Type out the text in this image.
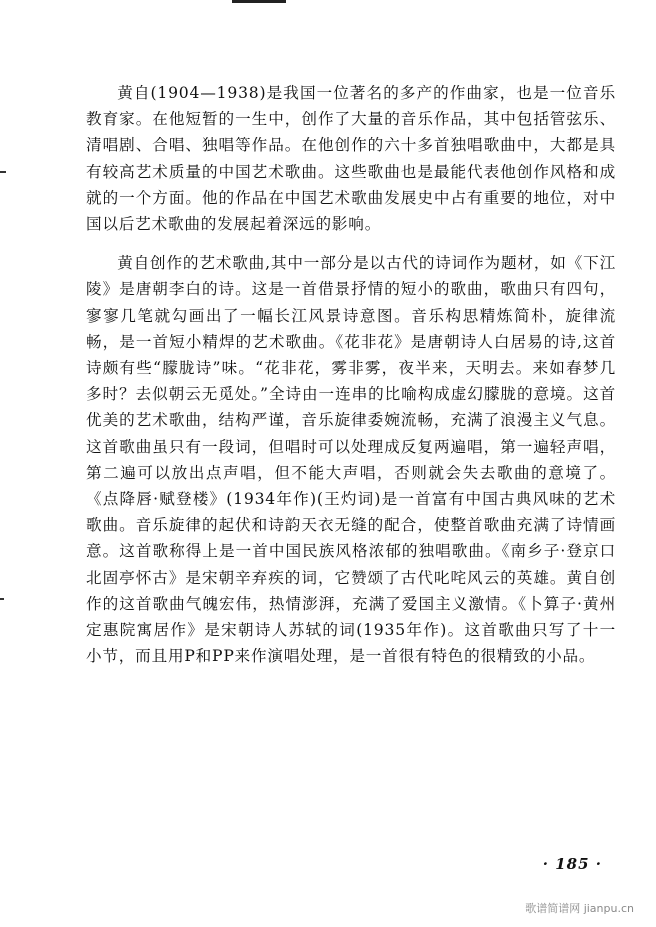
黄自(1904—1938)是我国一位著名的多产的作曲家，也是一位音乐教育家。在他短暂的一生中，创作了大量的音乐作品，其中包括管弦乐、清唱剧、合唱、独唱等作品。在他创作的六十多首独唱歌曲中，大都是具有较高艺术质量的中国艺术歌曲。这些歌曲也是最能代表他创作风格和成就的一个方面。他的作品在中国艺术歌曲发展史中占有重要的地位，对中国以后艺术歌曲的发展起着深远的影响。

黄自创作的艺术歌曲,其中一部分是以古代的诗词作为题材，如《下江陵》是唐朝李白的诗。这是一首借景抒情的短小的歌曲，歌曲只有四句，寥寥几笔就勾画出了一幅长江风景诗意图。音乐构思精炼简朴，旋律流畅，是一首短小精焊的艺术歌曲。《花非花》是唐朝诗人白居易的诗,这首诗颇有些“朦胧诗”味。“花非花，雾非雾，夜半来，天明去。来如春梦几多时？去似朝云无觅处。”全诗由一连串的比喻构成虚幻朦胧的意境。这首优美的艺术歌曲，结构严谨，音乐旋律委婉流畅，充满了浪漫主义气息。这首歌曲虽只有一段词，但唱时可以处理成反复两遍唱，第一遍轻声唱，第二遍可以放出点声唱，但不能大声唱，否则就会失去歌曲的意境了。《点降唇·赋登楼》(1934年作)(王灼词)是一首富有中国古典风味的艺术歌曲。音乐旋律的起伏和诗韵天衣无缝的配合，使整首歌曲充满了诗情画意。这首歌称得上是一首中国民族风格浓郁的独唱歌曲。《南乡子·登京口北固亭怀古》是宋朝辛弃疾的词，它赞颂了古代叱咤风云的英雄。黄自创作的这首歌曲气魄宏伟，热情澎湃，充满了爱国主义激情。《卜算子·黄州定惠院寓居作》是宋朝诗人苏轼的词(1935年作)。这首歌曲只写了十一小节，而且用P和PP来作演唱处理，是一首很有特色的很精致的小品。

· 185 ·
歌谱简谱网 jianpu.cn
